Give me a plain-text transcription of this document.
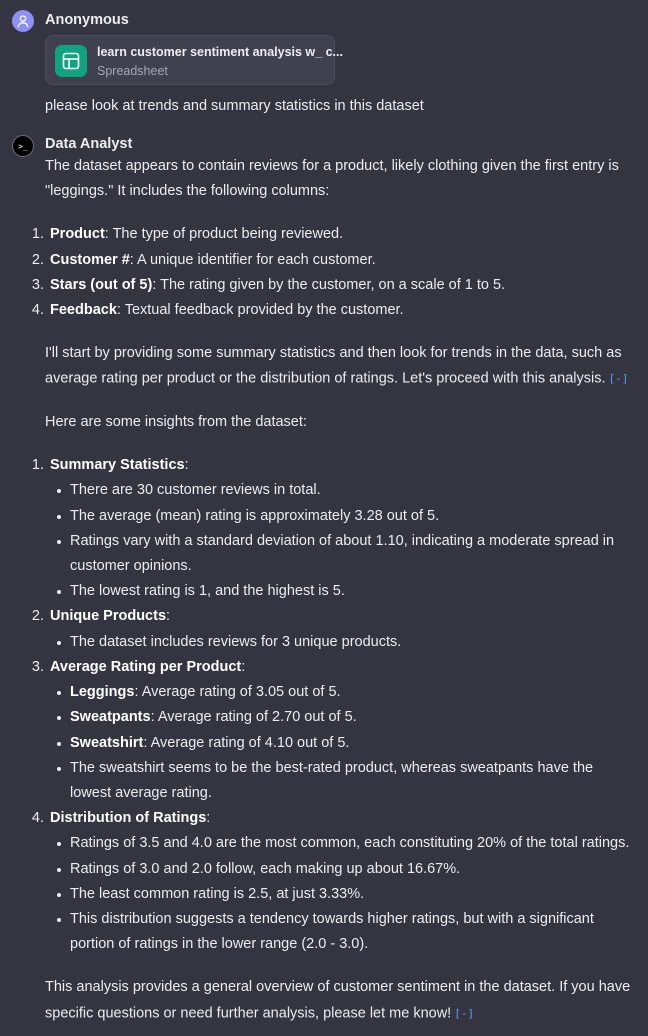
Anonymous
learn customer sentiment analysis w_ c...
Spreadsheet
please look at trends and summary statistics in this dataset
>_	Data Analyst

The dataset appears to contain reviews for a product, likely clothing given the first entry is "leggings." It includes the following columns:

1. Product: The type of product being reviewed.
2. Customer #: A unique identifier for each customer.
3. Stars (out of 5): The rating given by the customer, on a scale of 1 to 5.
4. Feedback: Textual feedback provided by the customer.

I'll start by providing some summary statistics and then look for trends in the data, such as average rating per product or the distribution of ratings. Let's proceed with this analysis. [-]

Here are some insights from the dataset:

1. Summary Statistics:
There are 30 customer reviews in total.
The average (mean) rating is approximately 3.28 out of 5.
Ratings vary with a standard deviation of about 1.10, indicating a moderate spread in customer opinions.
The lowest rating is 1, and the highest is 5.
2. Unique Products:
The dataset includes reviews for 3 unique products.
3. Average Rating per Product:
Leggings: Average rating of 3.05 out of 5.
Sweatpants: Average rating of 2.70 out of 5.
Sweatshirt: Average rating of 4.10 out of 5.
The sweatshirt seems to be the best-rated product, whereas sweatpants have the lowest average rating.
4. Distribution of Ratings:
Ratings of 3.5 and 4.0 are the most common, each constituting 20% of the total ratings.
Ratings of 3.0 and 2.0 follow, each making up about 16.67%.
The least common rating is 2.5, at just 3.33%.
This distribution suggests a tendency towards higher ratings, but with a significant portion of ratings in the lower range (2.0 - 3.0).

This analysis provides a general overview of customer sentiment in the dataset. If you have specific questions or need further analysis, please let me know! [-]
